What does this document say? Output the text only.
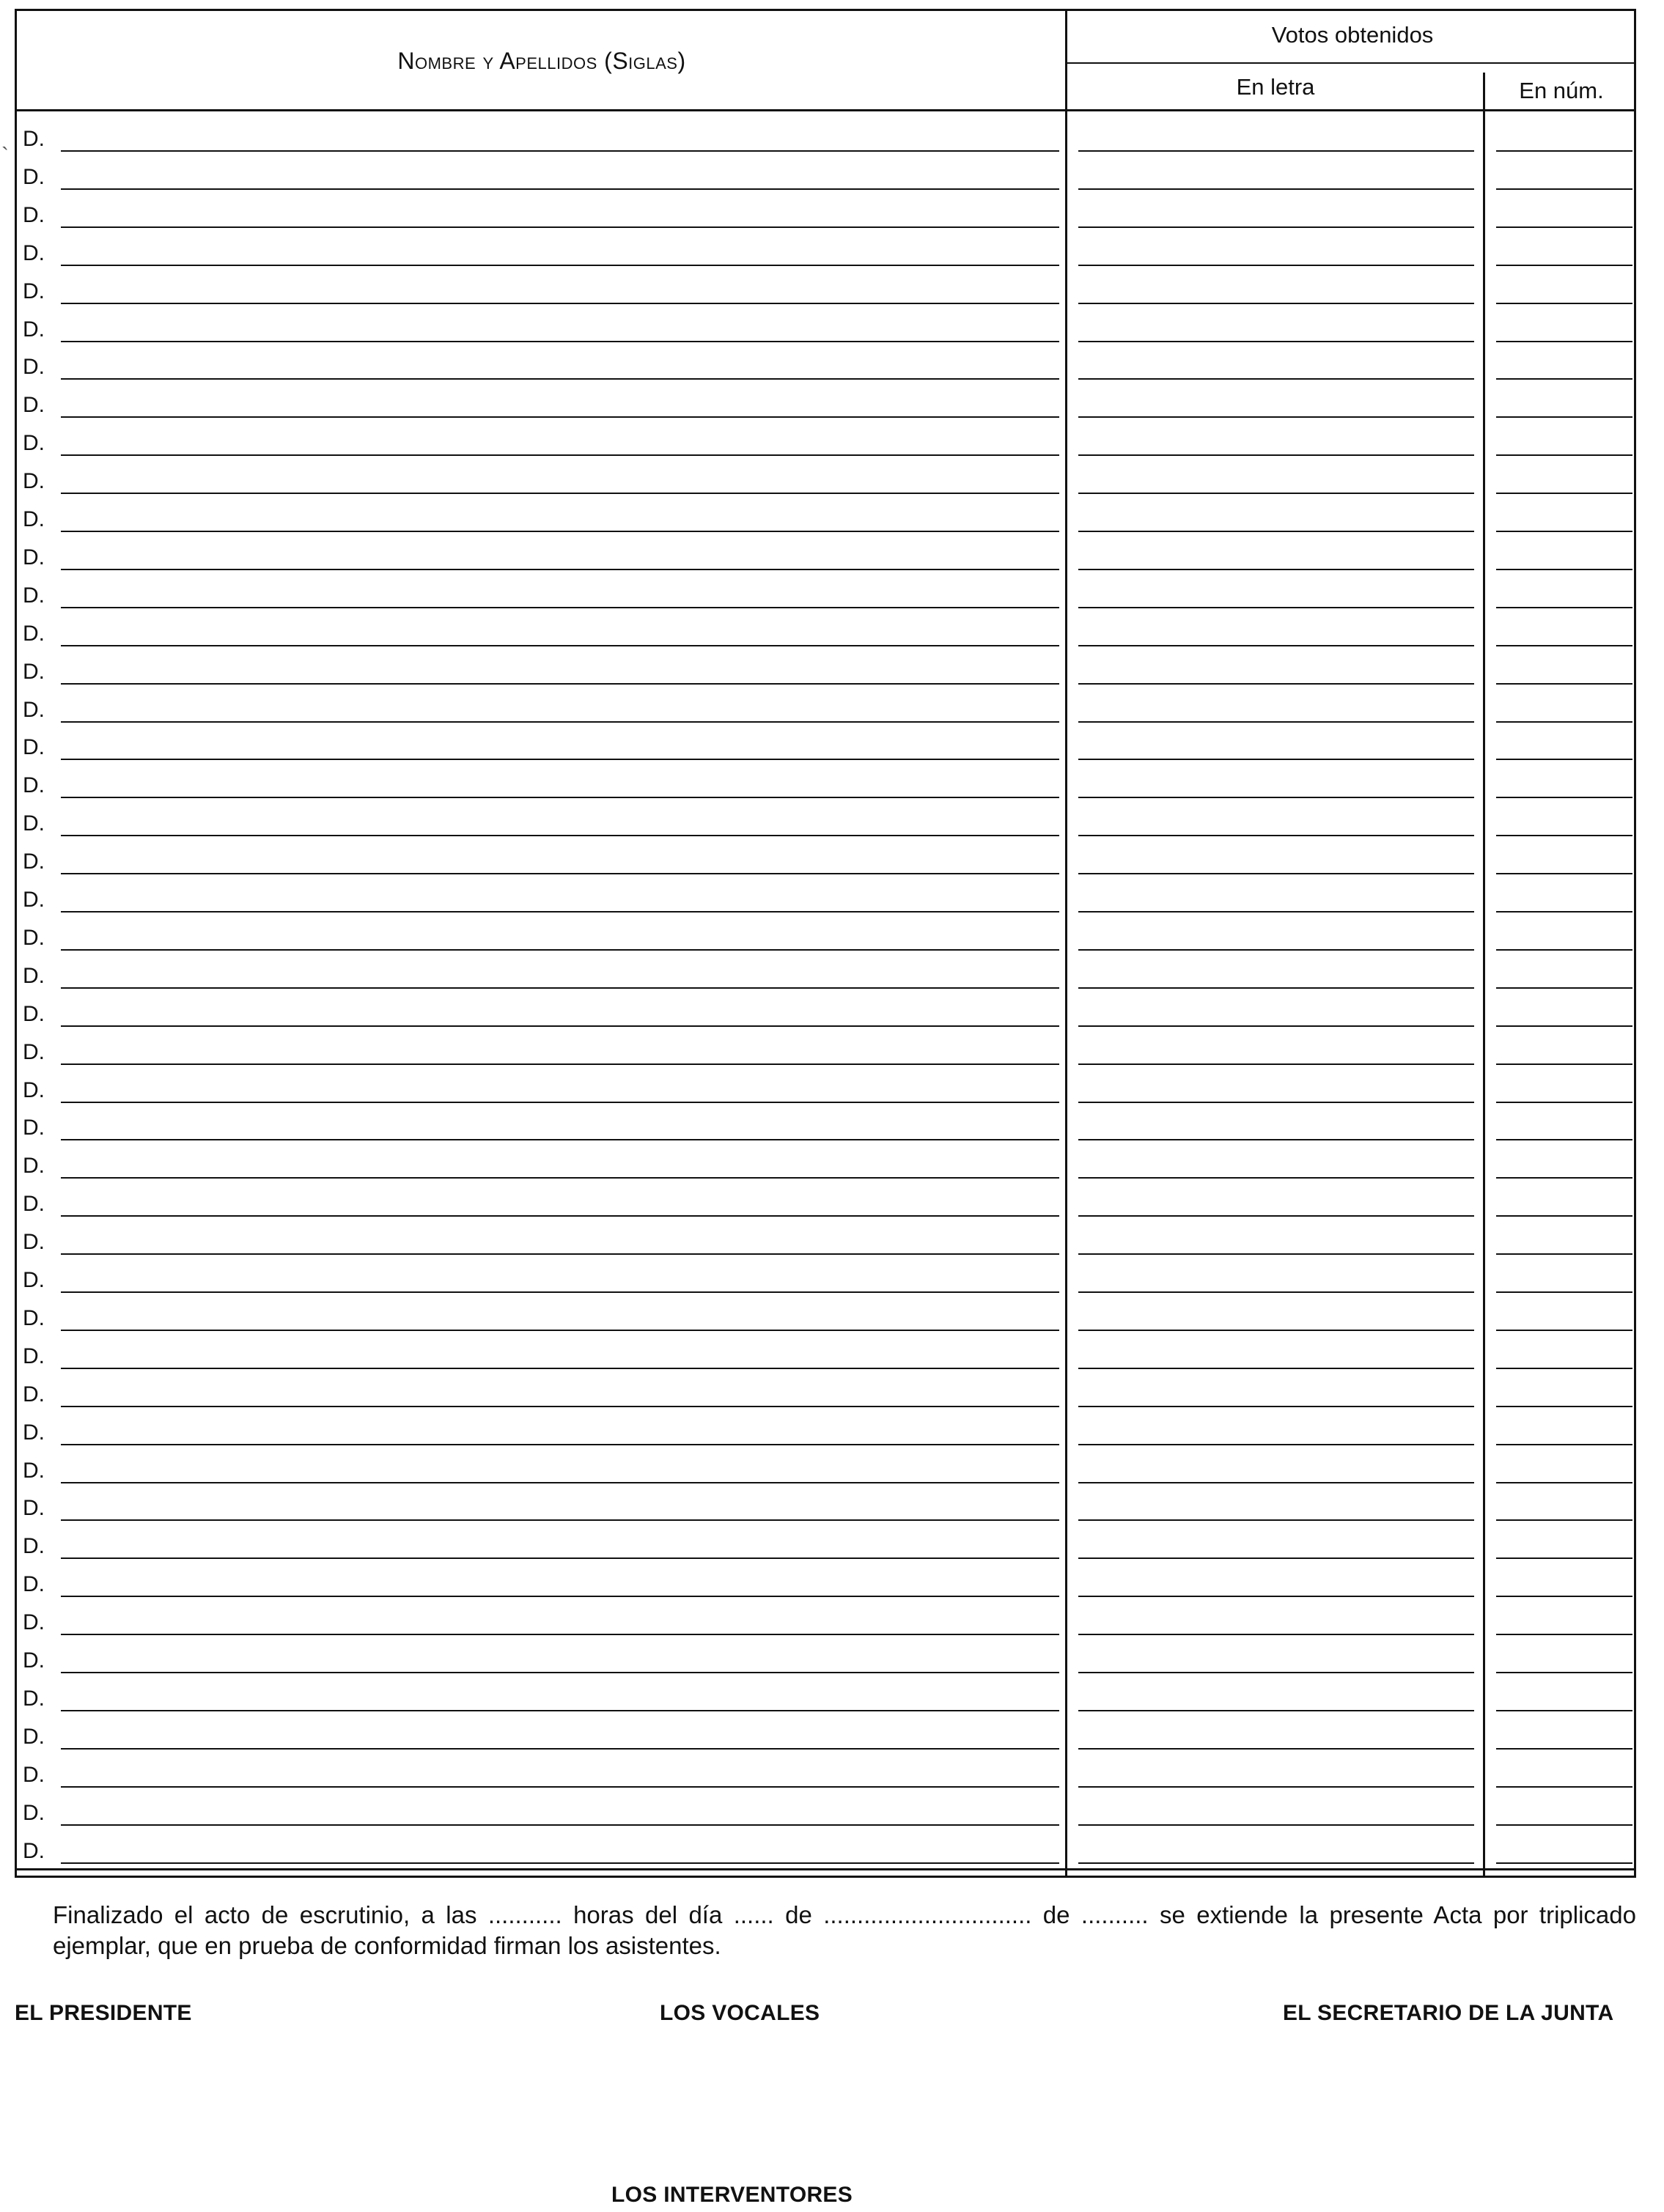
`
Nombre y Apellidos (Siglas)
Votos obtenidos
En letra	En núm.
D.
D.
D.
D.
D.
D.
D.
D.
D.
D.
D.
D.
D.
D.
D.
D.
D.
D.
D.
D.
D.
D.
D.
D.
D.
D.
D.
D.
D.
D.
D.
D.
D.
D.
D.
D.
D.
D.
D.
D.
D.
D.
D.
D.
D.
D.
Finalizado el acto de escrutinio, a las ........... horas del día ...... de ............................... de .......... se extiende la presente Acta por triplicado ejemplar, que en prueba de conformidad firman los asistentes.
EL PRESIDENTE	LOS VOCALES	EL SECRETARIO DE LA JUNTA
LOS INTERVENTORES
